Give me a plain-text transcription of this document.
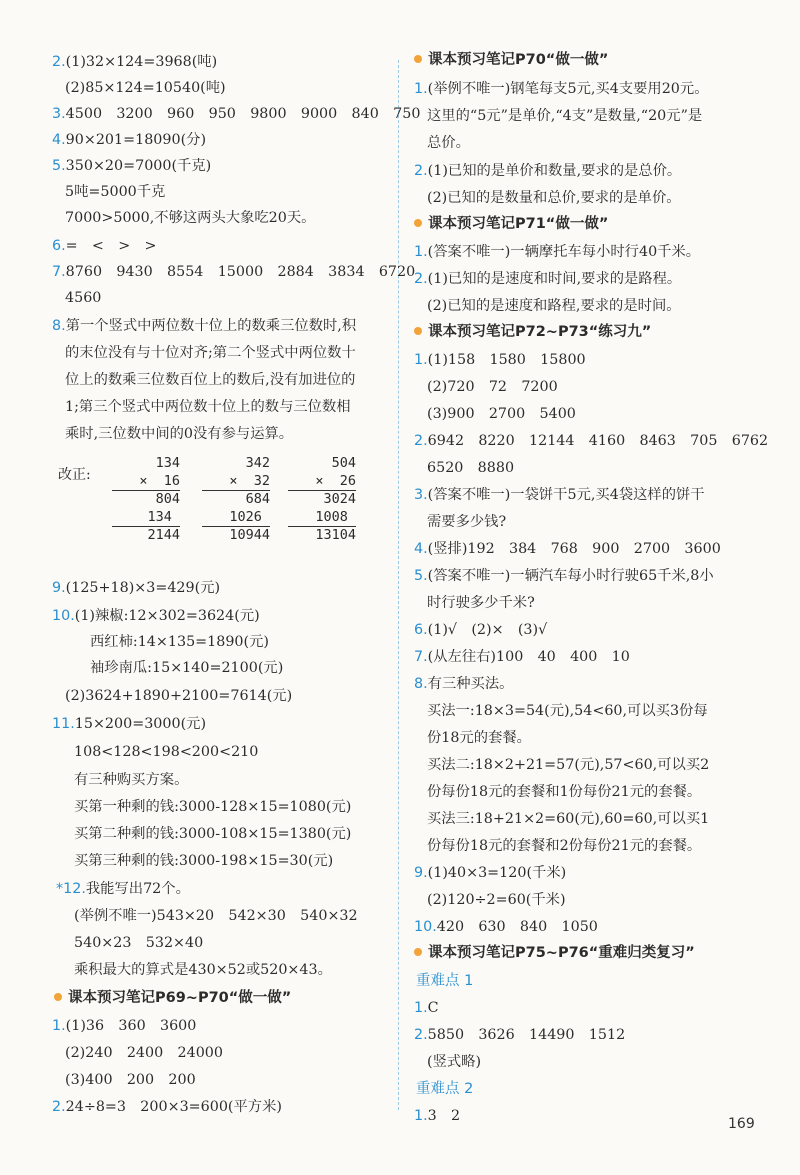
2.(1)32×124=3968(吨)
(2)85×124=10540(吨)
3.4500　3200　960　950　9800　9000　840　750
4.90×201=18090(分)
5.350×20=7000(千克)
5吨=5000千克
7000>5000,不够这两头大象吃20天。
6.=　<　>　>
7.8760　9430　8554　15000　2884　3834　6720
4560
8.第一个竖式中两位数十位上的数乘三位数时,积
的末位没有与十位对齐;第二个竖式中两位数十
位上的数乘三位数百位上的数后,没有加进位的
1;第三个竖式中两位数十位上的数与三位数相
乘时,三位数中间的0没有参与运算。
改正:
134
×  16
804
134
2144
342
×  32
684
1026
10944
504
×  26
3024
1008
13104
9.(125+18)×3=429(元)
10.(1)辣椒:12×302=3624(元)
西红柿:14×135=1890(元)
袖珍南瓜:15×140=2100(元)
(2)3624+1890+2100=7614(元)
11.15×200=3000(元)
108<128<198<200<210
有三种购买方案。
买第一种剩的钱:3000-128×15=1080(元)
买第二种剩的钱:3000-108×15=1380(元)
买第三种剩的钱:3000-198×15=30(元)
*12.我能写出72个。
(举例不唯一)543×20　542×30　540×32
540×23　532×40
乘积最大的算式是430×52或520×43。
课本预习笔记P69~P70“做一做”
1.(1)36　360　3600
(2)240　2400　24000
(3)400　200　200
2.24÷8=3　200×3=600(平方米)
课本预习笔记P70“做一做”
1.(举例不唯一)钢笔每支5元,买4支要用20元。
这里的“5元”是单价,“4支”是数量,“20元”是
总价。
2.(1)已知的是单价和数量,要求的是总价。
(2)已知的是数量和总价,要求的是单价。
课本预习笔记P71“做一做”
1.(答案不唯一)一辆摩托车每小时行40千米。
2.(1)已知的是速度和时间,要求的是路程。
(2)已知的是速度和路程,要求的是时间。
课本预习笔记P72~P73“练习九”
1.(1)158　1580　15800
(2)720　72　7200
(3)900　2700　5400
2.6942　8220　12144　4160　8463　705　6762
6520　8880
3.(答案不唯一)一袋饼干5元,买4袋这样的饼干
需要多少钱?
4.(竖排)192　384　768　900　2700　3600
5.(答案不唯一)一辆汽车每小时行驶65千米,8小
时行驶多少千米?
6.(1)√　(2)×　(3)√
7.(从左往右)100　40　400　10
8.有三种买法。
买法一:18×3=54(元),54<60,可以买3份每
份18元的套餐。
买法二:18×2+21=57(元),57<60,可以买2
份每份18元的套餐和1份每份21元的套餐。
买法三:18+21×2=60(元),60=60,可以买1
份每份18元的套餐和2份每份21元的套餐。
9.(1)40×3=120(千米)
(2)120÷2=60(千米)
10.420　630　840　1050
课本预习笔记P75~P76“重难归类复习”
重难点 1
1.C
2.5850　3626　14490　1512
(竖式略)
重难点 2
1.3　2	169
